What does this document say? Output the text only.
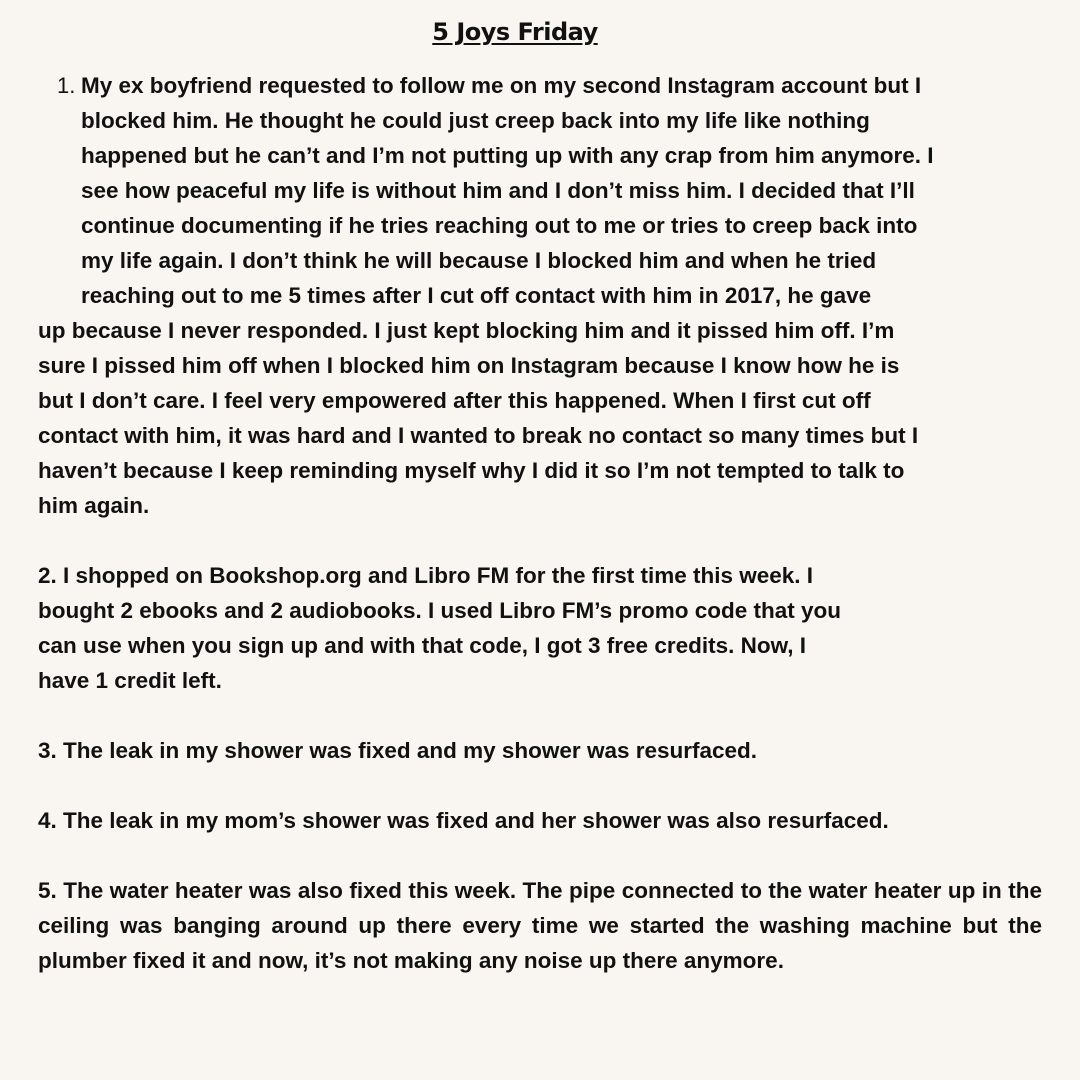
5 Joys Friday

1. My ex boyfriend requested to follow me on my second Instagram account but I

blocked him. He thought he could just creep back into my life like nothing

happened but he can’t and I’m not putting up with any crap from him anymore. I

see how peaceful my life is without him and I don’t miss him. I decided that I’ll

continue documenting if he tries reaching out to me or tries to creep back into

my life again. I don’t think he will because I blocked him and when he tried

reaching out to me 5 times after I cut off contact with him in 2017, he gave

up because I never responded. I just kept blocking him and it pissed him off. I’m

sure I pissed him off when I blocked him on Instagram because I know how he is

but I don’t care. I feel very empowered after this happened. When I first cut off

contact with him, it was hard and I wanted to break no contact so many times but I

haven’t because I keep reminding myself why I did it so I’m not tempted to talk to

him again.

2. I shopped on Bookshop.org and Libro FM for the first time this week. I

bought 2 ebooks and 2 audiobooks. I used Libro FM’s promo code that you

can use when you sign up and with that code, I got 3 free credits. Now, I

have 1 credit left.

3. The leak in my shower was fixed and my shower was resurfaced.

4. The leak in my mom’s shower was fixed and her shower was also resurfaced.

5. The water heater was also fixed this week. The pipe connected to the water heater up in the ceiling was banging around up there every time we started the washing machine but the plumber fixed it and now, it’s not making any noise up there anymore.
